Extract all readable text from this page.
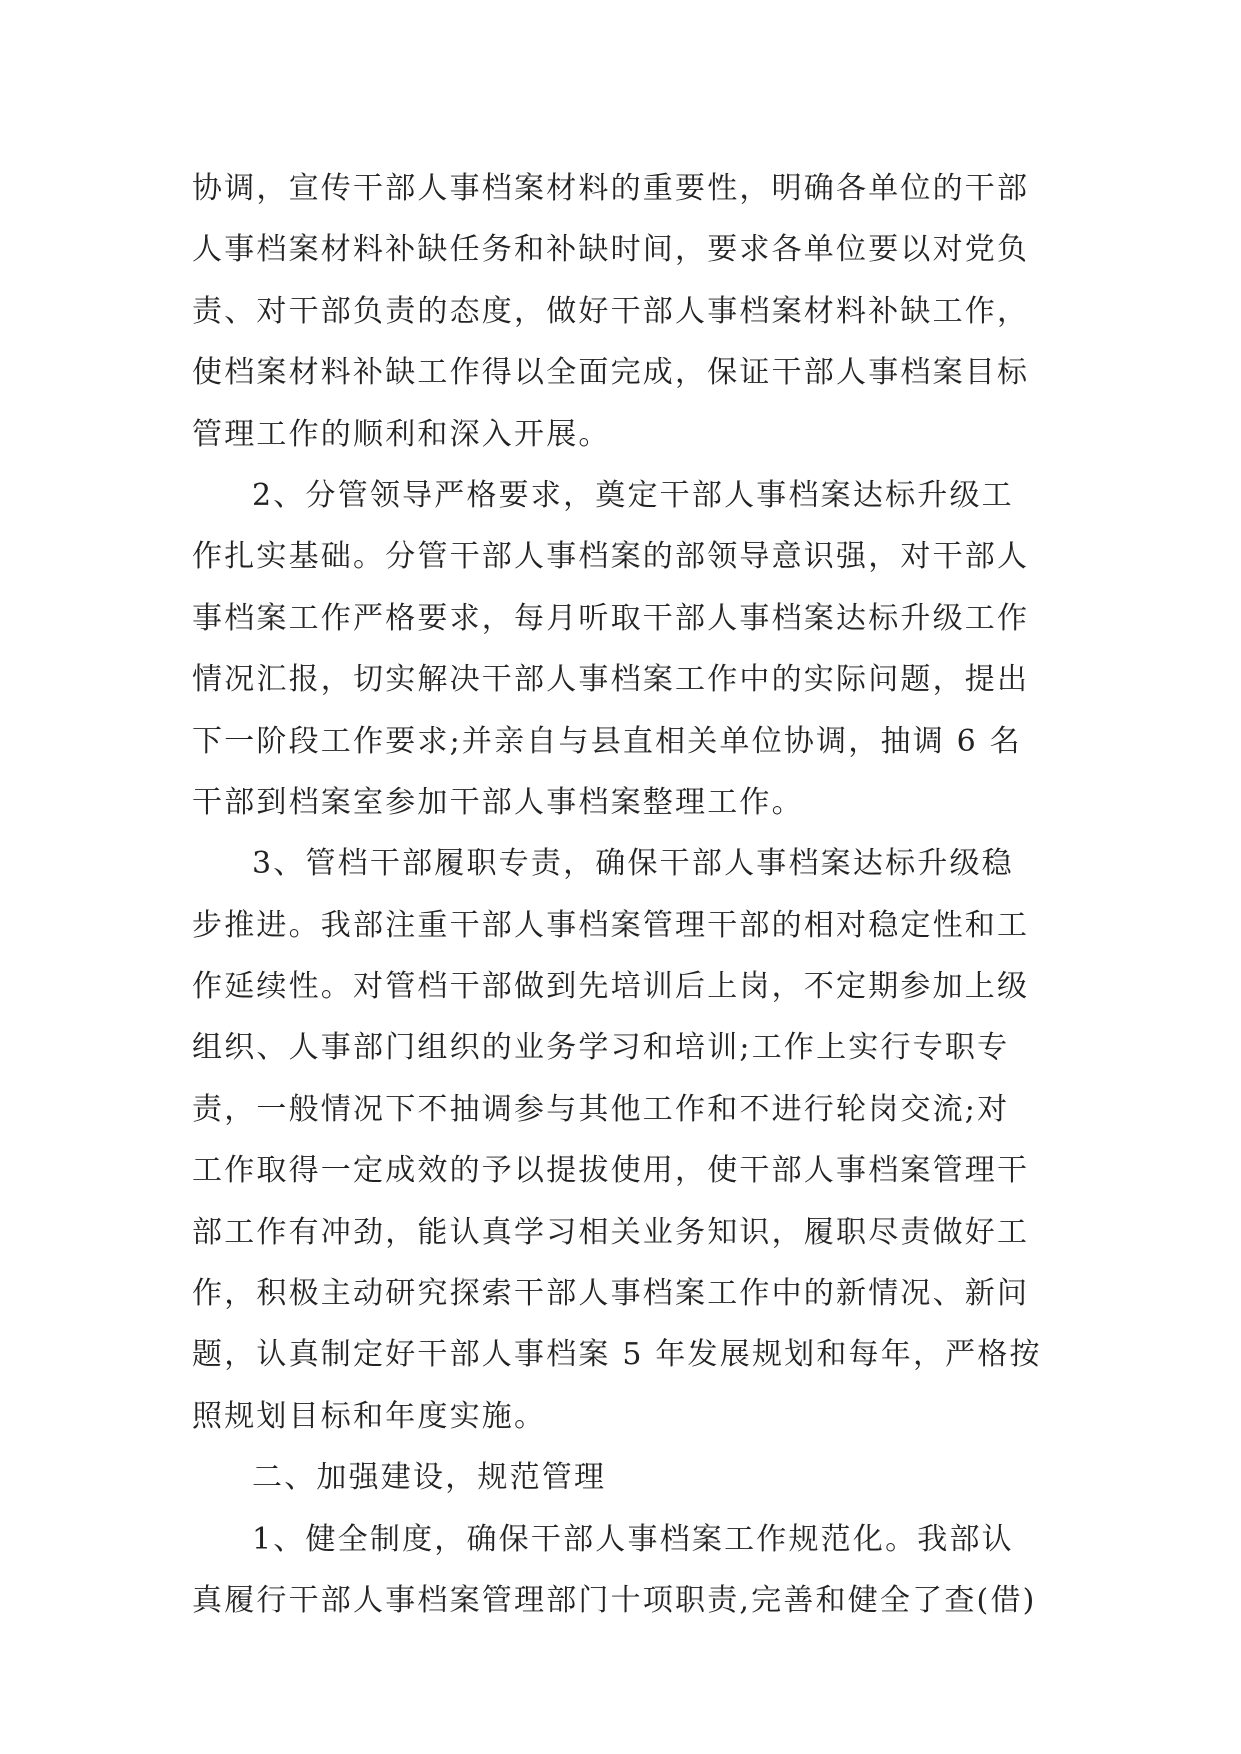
协调，宣传干部人事档案材料的重要性，明确各单位的干部
人事档案材料补缺任务和补缺时间，要求各单位要以对党负
责、对干部负责的态度，做好干部人事档案材料补缺工作，
使档案材料补缺工作得以全面完成，保证干部人事档案目标
管理工作的顺利和深入开展。
2、分管领导严格要求，奠定干部人事档案达标升级工
作扎实基础。分管干部人事档案的部领导意识强，对干部人
事档案工作严格要求，每月听取干部人事档案达标升级工作
情况汇报，切实解决干部人事档案工作中的实际问题，提出
下一阶段工作要求;并亲自与县直相关单位协调，抽调 6 名
干部到档案室参加干部人事档案整理工作。
3、管档干部履职专责，确保干部人事档案达标升级稳
步推进。我部注重干部人事档案管理干部的相对稳定性和工
作延续性。对管档干部做到先培训后上岗，不定期参加上级
组织、人事部门组织的业务学习和培训;工作上实行专职专
责，一般情况下不抽调参与其他工作和不进行轮岗交流;对
工作取得一定成效的予以提拔使用，使干部人事档案管理干
部工作有冲劲，能认真学习相关业务知识，履职尽责做好工
作，积极主动研究探索干部人事档案工作中的新情况、新问
题，认真制定好干部人事档案 5 年发展规划和每年，严格按
照规划目标和年度实施。
二、加强建设，规范管理
1、健全制度，确保干部人事档案工作规范化。我部认
真履行干部人事档案管理部门十项职责,完善和健全了查(借)
